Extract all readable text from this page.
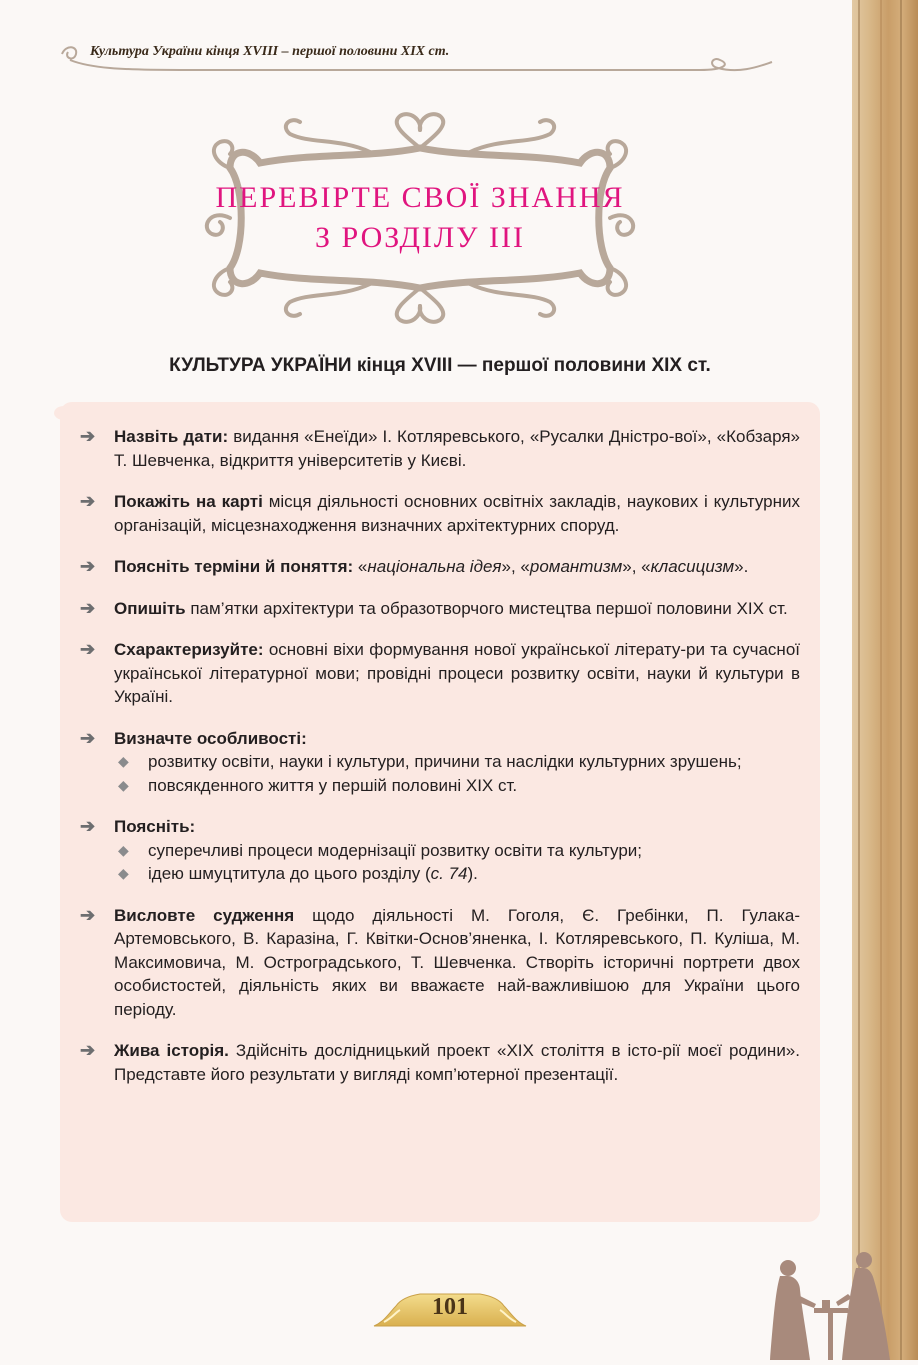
Культура України кінця XVIII – першої половини XIX ст.
ПЕРЕВІРТЕ СВОЇ ЗНАННЯ
З РОЗДІЛУ ІІІ
КУЛЬТУРА УКРАЇНИ кінця XVIII — першої половини XIX ст.
➔ Назвіть дати: видання «Енеїди» І. Котляревського, «Русалки Дністро-вої», «Кобзаря» Т. Шевченка, відкриття університетів у Києві.
➔ Покажіть на карті місця діяльності основних освітніх закладів, наукових і культурних організацій, місцезнаходження визначних архітектурних споруд.
➔ Поясніть терміни й поняття: «національна ідея», «романтизм», «класицизм».
➔ Опишіть пам’ятки архітектури та образотворчого мистецтва першої половини XIX ст.
➔ Схарактеризуйте: основні віхи формування нової української літерату-ри та сучасної української літературної мови; провідні процеси розвитку освіти, науки й культури в Україні.
➔ Визначте особливості:
◆ розвитку освіти, науки і культури, причини та наслідки культурних зрушень;
◆ повсякденного життя у першій половині XIX ст.
➔ Поясніть:
◆ суперечливі процеси модернізації розвитку освіти та культури;
◆ ідею шмуцтитула до цього розділу (с. 74).
➔ Висловте судження щодо діяльності М. Гоголя, Є. Гребінки, П. Гулака-Артемовського, В. Каразіна, Г. Квітки-Основ’яненка, І. Котляревського, П. Куліша, М. Максимовича, М. Остроградського, Т. Шевченка. Створіть історичні портрети двох особистостей, діяльність яких ви вважаєте най-важливішою для України цього періоду.
➔ Жива історія. Здійсніть дослідницький проект «XIX століття в істо-рії моєї родини». Представте його результати у вигляді комп’ютерної презентації.
101
